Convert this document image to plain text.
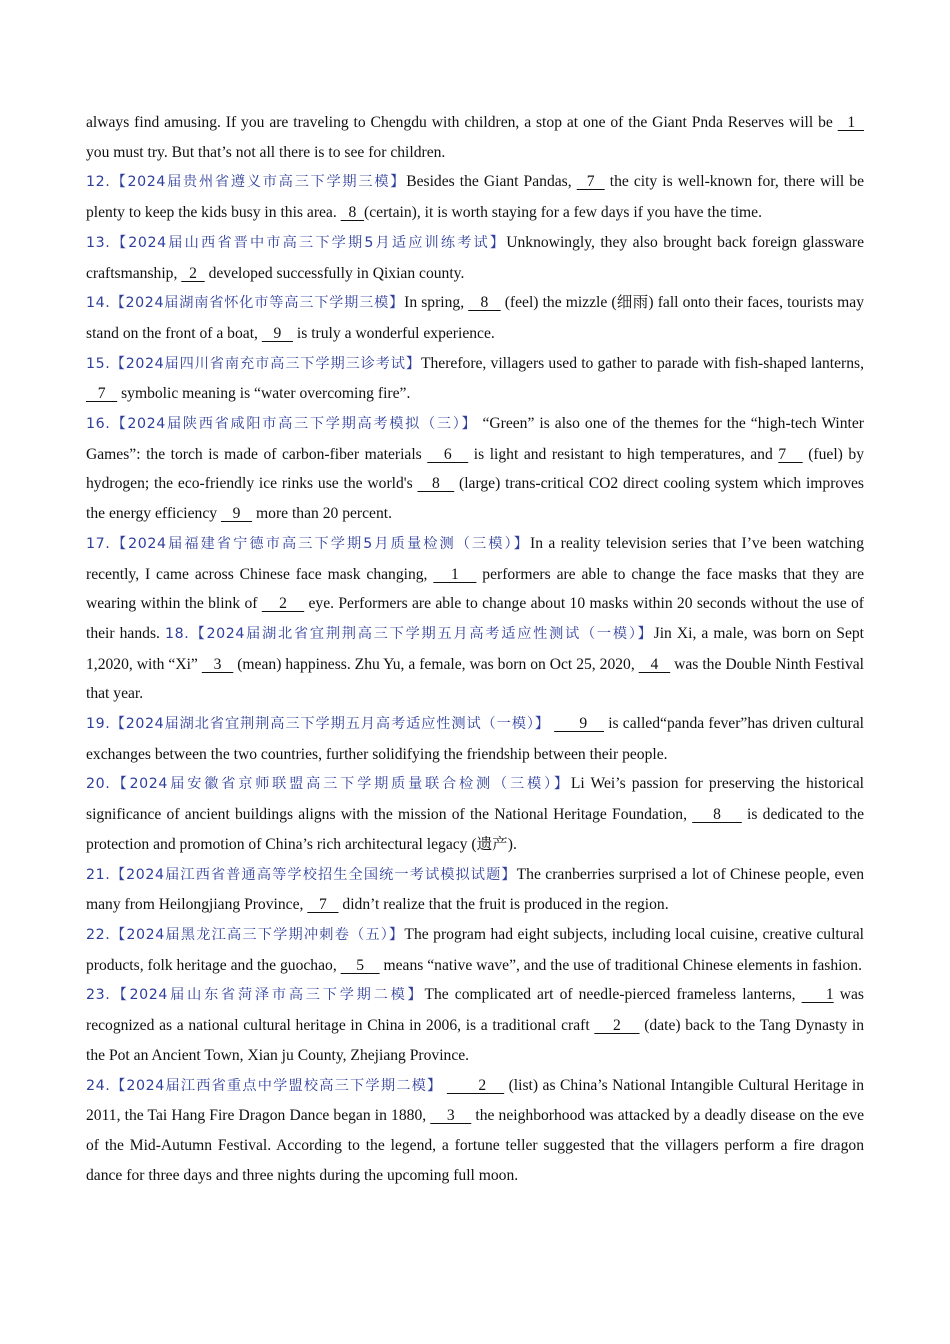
always find amusing. If you are traveling to Chengdu with children, a stop at one of the Giant Pnda Reserves will be   1   you must try. But that’s not all there is to see for children.

12.【2024届贵州省遵义市高三下学期三模】Besides the Giant Pandas,   7   the city is well-known for, there will be plenty to keep the kids busy in this area.   8  (certain), it is worth staying for a few days if you have the time.

13.【2024届山西省晋中市高三下学期5月适应训练考试】Unknowingly, they also brought back foreign glassware craftsmanship,   2   developed successfully in Qixian county.

14.【2024届湖南省怀化市等高三下学期三模】In spring,    8    (feel) the mizzle (细雨) fall onto their faces, tourists may stand on the front of a boat,    9    is truly a wonderful experience.

15.【2024届四川省南充市高三下学期三诊考试】Therefore, villagers used to gather to parade with fish-shaped lanterns,    7    symbolic meaning is “water overcoming fire”.

16.【2024届陕西省咸阳市高三下学期高考模拟（三）】 “Green” is also one of the themes for the “high-tech Winter Games”: the torch is made of carbon-fiber materials    6    is light and resistant to high temperatures, and 7    (fuel) by hydrogen; the eco-friendly ice rinks use the world's    8    (large) trans-critical CO2 direct cooling system which improves the energy efficiency    9    more than 20 percent.

17.【2024届福建省宁德市高三下学期5月质量检测（三模）】In a reality television series that I’ve been watching recently, I came across Chinese face mask changing,    1    performers are able to change the face masks that they are wearing within the blink of     2     eye. Performers are able to change about 10 masks within 20 seconds without the use of their hands. 18.【2024届湖北省宜荆荆高三下学期五月高考适应性测试（一模）】Jin Xi, a male, was born on Sept 1,2020, with “Xi”    3    (mean) happiness. Zhu Yu, a female, was born on Oct 25, 2020,    4    was the Double Ninth Festival that year.

19.【2024届湖北省宜荆荆高三下学期五月高考适应性测试（一模）】       9     is called“panda fever”has driven cultural exchanges between the two countries, further solidifying the friendship between their people.

20.【2024届安徽省京师联盟高三下学期质量联合检测（三模）】Li Wei’s passion for preserving the historical significance of ancient buildings aligns with the mission of the National Heritage Foundation,     8     is dedicated to the protection and promotion of China’s rich architectural legacy (遗产).

21.【2024届江西省普通高等学校招生全国统一考试模拟试题】The cranberries surprised a lot of Chinese people, even many from Heilongjiang Province,    7    didn’t realize that the fruit is produced in the region.

22.【2024届黑龙江高三下学期冲刺卷（五）】The program had eight subjects, including local cuisine, creative cultural products, folk heritage and the guochao,     5     means “native wave”, and the use of traditional Chinese elements in fashion.

23.【2024届山东省菏泽市高三下学期二模】The complicated art of needle-pierced frameless lanterns,     1 was recognized as a national cultural heritage in China in 2006, is a traditional craft     2     (date) back to the Tang Dynasty in the Pot an Ancient Town, Xian ju County, Zhejiang Province.

24.【2024届江西省重点中学盟校高三下学期二模】        2     (list) as China’s National Intangible Cultural Heritage in 2011, the Tai Hang Fire Dragon Dance began in 1880,     3     the neighborhood was attacked by a deadly disease on the eve of the Mid-Autumn Festival. According to the legend, a fortune teller suggested that the villagers perform a fire dragon dance for three days and three nights during the upcoming full moon.
